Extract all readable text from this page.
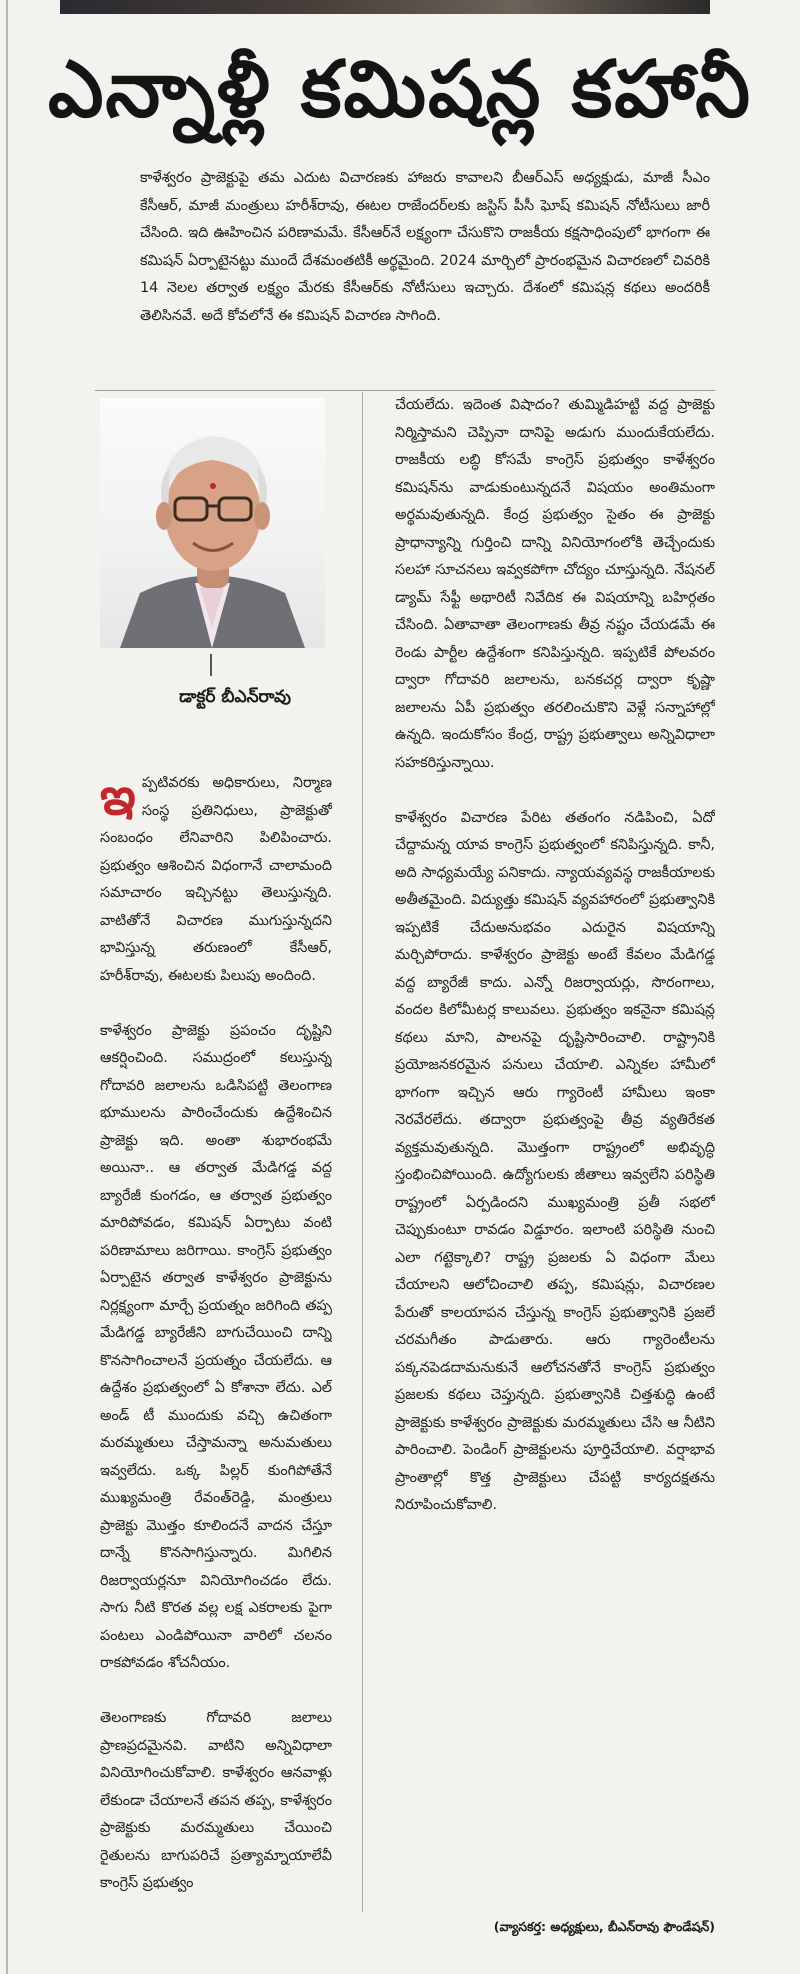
ఎన్నాళ్లీ కమిషన్ల కహానీ
కాళేశ్వరం ప్రాజెక్టుపై తమ ఎదుట విచారణకు హాజరు కావాలని బీఆర్ఎస్ అధ్యక్షుడు, మాజీ సీఎం కేసీఆర్, మాజీ మంత్రులు హరీశ్‌రావు, ఈటల రాజేందర్‌లకు జస్టిస్ పీసీ ఘోష్ కమిషన్ నోటీసులు జారీ చేసింది. ఇది ఊహించిన పరిణామమే. కేసీఆర్‌నే లక్ష్యంగా చేసుకొని రాజకీయ కక్షసాధింపులో భాగంగా ఈ కమిషన్ ఏర్పాటైనట్టు ముందే దేశమంతటికీ అర్థమైంది. 2024 మార్చిలో ప్రారంభమైన విచారణలో చివరికి 14 నెలల తర్వాత లక్ష్యం మేరకు కేసీఆర్‌కు నోటీసులు ఇచ్చారు. దేశంలో కమిషన్ల కథలు అందరికీ తెలిసినవే. అదే కోవలోనే ఈ కమిషన్ విచారణ సాగింది.
డాక్టర్ బీఎన్‌రావు

ఇప్పటివరకు అధికారులు, నిర్మాణ సంస్థ ప్రతినిధులు, ప్రాజెక్టుతో సంబంధం లేనివారిని పిలిపించారు. ప్రభుత్వం ఆశించిన విధంగానే చాలామంది సమాచారం ఇచ్చినట్టు తెలుస్తున్నది. వాటితోనే విచారణ ముగుస్తున్నదని భావిస్తున్న తరుణంలో కేసీఆర్, హరీశ్‌రావు, ఈటలకు పిలుపు అందింది.

కాళేశ్వరం ప్రాజెక్టు ప్రపంచం దృష్టిని ఆకర్షించింది. సముద్రంలో కలుస్తున్న గోదావరి జలాలను ఒడిసిపట్టి తెలంగాణ భూములను పారించేందుకు ఉద్దేశించిన ప్రాజెక్టు ఇది. అంతా శుభారంభమే అయినా.. ఆ తర్వాత మేడిగడ్డ వద్ద బ్యారేజీ కుంగడం, ఆ తర్వాత ప్రభుత్వం మారిపోవడం, కమిషన్ ఏర్పాటు వంటి పరిణామాలు జరిగాయి. కాంగ్రెస్ ప్రభుత్వం ఏర్పాటైన తర్వాత కాళేశ్వరం ప్రాజెక్టును నిర్లక్ష్యంగా మార్చే ప్రయత్నం జరిగింది తప్ప మేడిగడ్డ బ్యారేజీని బాగుచేయించి దాన్ని కొనసాగించాలనే ప్రయత్నం చేయలేదు. ఆ ఉద్దేశం ప్రభుత్వంలో ఏ కోశానా లేదు. ఎల్ అండ్ టీ ముందుకు వచ్చి ఉచితంగా మరమ్మతులు చేస్తామన్నా అనుమతులు ఇవ్వలేదు. ఒక్క పిల్లర్ కుంగిపోతేనే ముఖ్యమంత్రి రేవంత్‌రెడ్డి, మంత్రులు ప్రాజెక్టు మొత్తం కూలిందనే వాదన చేస్తూ దాన్నే కొనసాగిస్తున్నారు. మిగిలిన రిజర్వాయర్లనూ వినియోగించడం లేదు. సాగు నీటి కొరత వల్ల లక్ష ఎకరాలకు పైగా పంటలు ఎండిపోయినా వారిలో చలనం రాకపోవడం శోచనీయం.

తెలంగాణకు గోదావరి జలాలు ప్రాణప్రదమైనవి. వాటిని అన్నివిధాలా వినియోగించుకోవాలి. కాళేశ్వరం ఆనవాళ్లు లేకుండా చేయాలనే తపన తప్ప, కాళేశ్వరం ప్రాజెక్టుకు మరమ్మతులు చేయించి రైతులను బాగుపరిచే ప్రత్యామ్నాయాలేవీ కాంగ్రెస్ ప్రభుత్వం

చేయలేదు. ఇదెంత విషాదం? తుమ్మిడిహట్టి వద్ద ప్రాజెక్టు నిర్మిస్తామని చెప్పినా దానిపై అడుగు ముందుకేయలేదు. రాజకీయ లబ్ధి కోసమే కాంగ్రెస్ ప్రభుత్వం కాళేశ్వరం కమిషన్‌ను వాడుకుంటున్నదనే విషయం అంతిమంగా అర్థమవుతున్నది. కేంద్ర ప్రభుత్వం సైతం ఈ ప్రాజెక్టు ప్రాధాన్యాన్ని గుర్తించి దాన్ని వినియోగంలోకి తెచ్చేందుకు సలహా సూచనలు ఇవ్వకపోగా చోద్యం చూస్తున్నది. నేషనల్ డ్యామ్ సేఫ్టీ అథారిటీ నివేదిక ఈ విషయాన్ని బహిర్గతం చేసింది. ఏతావాతా తెలంగాణకు తీవ్ర నష్టం చేయడమే ఈ రెండు పార్టీల ఉద్దేశంగా కనిపిస్తున్నది. ఇప్పటికే పోలవరం ద్వారా గోదావరి జలాలను, బనకచర్ల ద్వారా కృష్ణా జలాలను ఏపీ ప్రభుత్వం తరలించుకొని వెళ్లే సన్నాహాల్లో ఉన్నది. ఇందుకోసం కేంద్ర, రాష్ట్ర ప్రభుత్వాలు అన్నివిధాలా సహకరిస్తున్నాయి.

కాళేశ్వరం విచారణ పేరిట తతంగం నడిపించి, ఏదో చేద్దామన్న యావ కాంగ్రెస్ ప్రభుత్వంలో కనిపిస్తున్నది. కానీ, అది సాధ్యమయ్యే పనికాదు. న్యాయవ్యవస్థ రాజకీయాలకు అతీతమైంది. విద్యుత్తు కమిషన్ వ్యవహారంలో ప్రభుత్వానికి ఇప్పటికే చేదుఅనుభవం ఎదురైన విషయాన్ని మర్చిపోరాదు. కాళేశ్వరం ప్రాజెక్టు అంటే కేవలం మేడిగడ్డ వద్ద బ్యారేజీ కాదు. ఎన్నో రిజర్వాయర్లు, సొరంగాలు, వందల కిలోమీటర్ల కాలువలు. ప్రభుత్వం ఇకనైనా కమిషన్ల కథలు మాని, పాలనపై దృష్టిసారించాలి. రాష్ట్రానికి ప్రయోజనకరమైన పనులు చేయాలి. ఎన్నికల హామీలో భాగంగా ఇచ్చిన ఆరు గ్యారెంటీ హామీలు ఇంకా నెరవేరలేదు. తద్వారా ప్రభుత్వంపై తీవ్ర వ్యతిరేకత వ్యక్తమవుతున్నది. మొత్తంగా రాష్ట్రంలో అభివృద్ధి స్తంభించిపోయింది. ఉద్యోగులకు జీతాలు ఇవ్వలేని పరిస్థితి రాష్ట్రంలో ఏర్పడిందని ముఖ్యమంత్రి ప్రతీ సభలో చెప్పుకుంటూ రావడం విడ్డూరం. ఇలాంటి పరిస్థితి నుంచి ఎలా గట్టెక్కాలి? రాష్ట్ర ప్రజలకు ఏ విధంగా మేలు చేయాలని ఆలోచించాలి తప్ప, కమిషన్లు, విచారణల పేరుతో కాలయాపన చేస్తున్న కాంగ్రెస్ ప్రభుత్వానికి ప్రజలే చరమగీతం పాడుతారు. ఆరు గ్యారెంటీలను పక్కనపెడదామనుకునే ఆలోచనతోనే కాంగ్రెస్ ప్రభుత్వం ప్రజలకు కథలు చెప్తున్నది. ప్రభుత్వానికి చిత్తశుద్ధి ఉంటే ప్రాజెక్టుకు కాళేశ్వరం ప్రాజెక్టుకు మరమ్మతులు చేసి ఆ నీటిని పారించాలి. పెండింగ్ ప్రాజెక్టులను పూర్తిచేయాలి. వర్షాభావ ప్రాంతాల్లో కొత్త ప్రాజెక్టులు చేపట్టి కార్యదక్షతను నిరూపించుకోవాలి.

(వ్యాసకర్త: అధ్యక్షులు, బీఎన్‌రావు ఫౌండేషన్)
